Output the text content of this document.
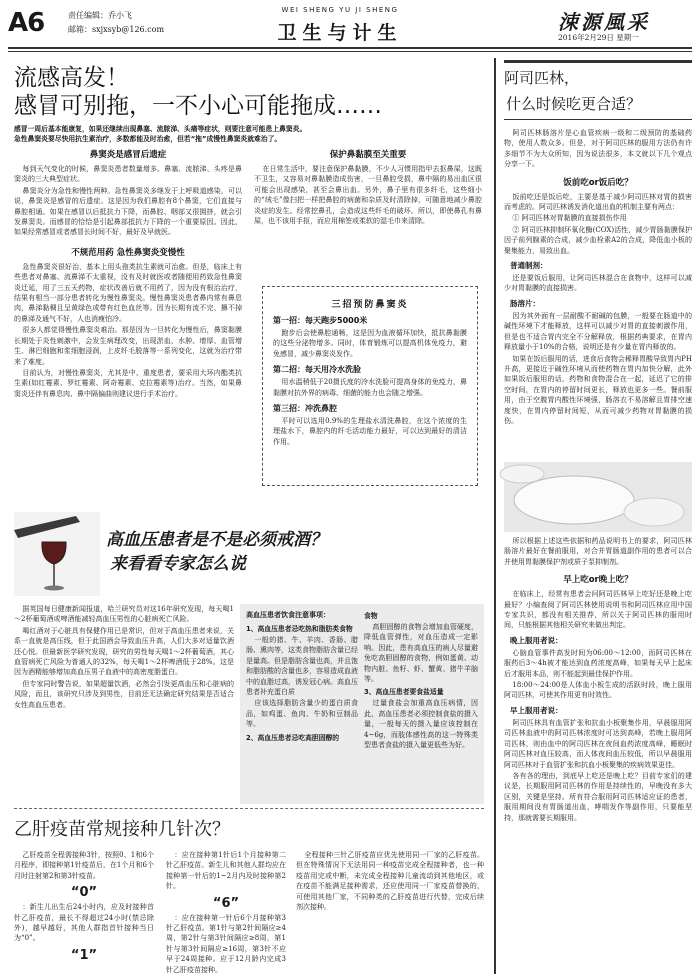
A6	责任编辑：乔小飞
邮箱：sxjxsyb@126.com
WEI SHENG YU JI SHENG
卫生与计生	涑源風采
2016年2月29日 星期一
流感高发！
感冒可别拖，一不小心可能拖成……
感冒一周后基本能康复，如果还继续出现鼻塞、流脓涕、头痛等症状，则要注意可能患上鼻窦炎。
急性鼻窦炎要尽快用抗生素治疗，多数都能及时治愈，但若“拖”成慢性鼻窦炎就难治了。
鼻窦炎是感冒后遗症

每到天气变化的时候，鼻窦炎患者数量增多。鼻塞、流脓涕、头疼是鼻窦炎的三大典型症状。

鼻窦炎分为急性和慢性两种。急性鼻窦炎多继发于上呼吸道感染，可以说，鼻窦炎是感冒的后遗症。这是因为我们鼻腔有8个鼻窦，它们直接与鼻腔相通。如果在感冒以后抵抗力下降，而鼻腔、咽部又很拥挤，就会引发鼻窦炎。而感冒的恰恰是引起鼻部抵抗力下降的一个重要原因。因此，如果经常感冒或者感冒长时间不好，最好及早就医。

不规范用药 急性鼻窦炎变慢性

急性鼻窦炎很好治，基本上用头孢类抗生素就可治愈。但是，临床上有些患者对鼻塞、流鼻涕不太重视，没有及时就医或者随便用药致急性鼻窦炎迁延，用了三五天药物，症状改善后就不用药了，因为没有根治治疗，结果有相当一部分患者转化为慢性鼻窦炎。慢性鼻窦炎患者鼻内常有鼻息肉，鼻涕黏稠且呈黄绿色或带有红色血丝等。因为长期有流不完、擤不掉的鼻涕及通气不好，人也消瘦怕冷。

很多人都觉得慢性鼻窦炎难治。那是因为一旦转化为慢性后，鼻窦黏膜长期处于炎性刺激中，会发生病理改变，出现淤血、水肿、增厚、血管增生、淋巴细胞和浆细胞浸润，上皮纤毛脱落等一系列变化，这就为治疗带来了难度。

目前认为，对慢性鼻窦炎，尤其是中、重度患者，要采用大环内酯类抗生素(如红霉素、罗红霉素、阿奇霉素、克拉霉素等)治疗。当然，如果鼻窦炎还伴有鼻息肉、鼻中隔偏曲则建议进行手术治疗。

保护鼻黏膜至关重要

在日常生活中，要注意保护鼻黏膜，不少人习惯用指甲去抠鼻屎，这既不卫生，又容易对鼻黏膜造成伤害，一旦鼻腔受损，鼻中隔的易出血区很可能会出现感染，甚至会鼻出血。另外，鼻子里有很多纤毛，这些细小的“绒毛”像扫把一样把鼻腔的病菌和杂质及时清除掉，可随意地减少鼻腔炎症的发生。经常挖鼻孔，会造成这些纤毛的破坏。所以，即使鼻孔有鼻屎，也不该用手抠，而应用棉签或柔软的湿毛巾来清除。

三招预防鼻窦炎
第一招：每天跑步5000米

跑步后会使鼻腔通畅，这是因为血液循环加快，抵抗鼻黏膜的这些分泌物增多。同时，体育锻炼可以提高机体免疫力，避免感冒，减少鼻窦炎发作。

第二招：每天用冷水洗脸

用水温稍低于20摄氏度的冷水洗脸可提高身体的免疫力，鼻黏膜对抗外界的病毒、细菌的能力也会随之增强。

第三招：冲洗鼻腔

平时可以选用0.9%的生理盐水清洗鼻腔，在这个浓度的生理盐水下，鼻腔内的纤毛活动能力最好，可以达到最好的清洁作用。

高血压患者是不是必须戒酒？
来看看专家怎么说

据英国每日健康新闻报道，哈兰研究员对这16年研究发现，每天喝1～2杯葡萄酒或啤酒能减轻高血压男性的心脏病死亡风险。

喝红酒对于心脏具有保健作用已是常识，但对于高血压患者来说，关系一直就是高压线，但于此国酒会导致血压升高，人们大多对适量饮酒还心悦。但最新医学研究发现，研究的男性每天喝1～2杯葡萄酒，其心血管病死亡风险为普通人的32%，每天喝1～2杯啤酒低于28%。这是因为酒精能够增加高血压男子血液中的高密度脂蛋白。

但专家同时警告说，如果超量饮酒，必然会引发更高血压和心脏病的风险，而且，该研究只涉及到男性，目前还无法确定研究结果是否适合女性高血压患者。

高血压患者饮食注意事项：
1、高血压患者忌吃热和脂肪类食物

一般的猪、牛、羊肉、香肠、腊肠、熏肉等，这类食物脂肪含量已经是量高。但是脂肪含量也高，并且饱和脂肪酸的含量也多，容易造成血液中的血脂过高，诱发冠心病。高血压患者补充蛋白质

应该选择脂肪含量少的蛋白质食品，如鸡蛋、鱼肉、牛奶和豆制品等。

2、高血压患者忌吃高胆固醇的
食物

高胆固醇的食物会增加血管硬度，降低血管弹性，对血压造成一定影响。因此，患有高血压的病人尽量避免吃高胆固醇的食物，例如蛋黄、动物内脏、鱼籽、虾、蟹黄、猪牛羊脑等。

3、高血压患者要食盐适量

过量食盐会加重高血压病情，因此，高血压患者必须控制食盐的摄入量，一般每天的摄入量应该控制在4~6g，而肢体感性高的这一特殊类型患者食盐的摄入量更低些为好。

乙肝疫苗常规接种几针次？

乙肝疫苗全程需接种3针，按照0、1和6个月程序，即接种第1针疫苗后，在1个月和6个月时注射第2和第3针疫苗。

“0”

：新生儿出生后24小时内，应及时接种首针乙肝疫苗，最长不得超过24小时(禁忌除外)，越早越好，其他人群指首针接种当日为“0”。

“1”

：应在接种第1针后1个月接种第二针乙肝疫苗。新生儿和其他人群均应在接种第一针后的1~2月内及时接种第2针。

“6”

：应在接种第一针后6个月接种第3针乙肝疫苗。第1针与第2针间隔应≥4周，第2针与第3针间隔应≥8周，第1针与第3针间隔应≥16周，第3针不应早于24周接种。应于12月龄内完成3针乙肝疫苗接种。

全程接种三针乙肝疫苗应优先使用同一厂家的乙肝疫苗。但在特殊情况下无法用同一种疫苗完成全程接种者，也一种疫苗用完或中断，未完成全程接种儿童流动到其他地区，或在疫苗不能满足接种需求，还应使用同一厂家疫苗替换的，可使用其他厂家，不同种类的乙肝疫苗进行代替，完成后续剂次接种。

阿司匹林，
什么时候吃更合适？

阿司匹林肠溶片是心血管疾病一级和二级预防的基础药物，使用人数众多。但是，对于阿司匹林的服用方法仍有许多细节不为大众所知，因为说法很多，本文就以下几个观点分享一下。

饭前吃or饭后吃？

饭前吃还是饭后吃，主要是基于减少阿司匹林对胃的损害而考虑的。阿司匹林诱发消化道出血的机制主要有两点：

① 阿司匹林对胃黏膜的直接损伤作用

② 阿司匹林抑制环氧化酶(COX)活性，减少胃肠黏膜保护因子前列腺素的合成，减少血栓素A2的合成，降低血小板的聚集能力，易致出血。

普通制剂：

还是要饭后服用，让阿司匹林混合在食物中，这样可以减少对胃黏膜的直接损害。

肠溶片：

因为其外面有一层耐酸不耐碱的包膜，一般要在肠道中的碱性环境下才能释放，这样可以减少对胃的直接刺激作用，但是也不适合胃内完全不分解释放，根据药典要求，在胃内释放量小于10%的合格，说明还是有少量在胃内释放的。

如果在饭后服用的话，进食后食物会稀释胃酸导致胃内PH升高，更接近于碱性环境从而使药物在胃内加快分解，此外如果饭后服用的话，药物和食物混合在一起，延迟了它的排空时间，在胃内的停留时间更长，释放也更多一些。餐前服用，由于空腹胃内酸性环境强，肠溶衣不易溶解且胃排空速度快，在胃内停留时间短，从而可减少药物对胃黏膜的损伤。

所以根据上述这些依据和药品说明书上的要求，阿司匹林肠溶片最好在餐前服用，对合并胃肠道副作用的患者可以合并使用胃黏膜保护剂或质子泵抑制剂。

早上吃or晚上吃？

在临床上，经常有患者会问阿司匹林早上吃好还是晚上吃最好？小编查阅了阿司匹林使用说明书和阿司匹林应用中国专家共识，都没有相关推荐，所以关于阿司匹林的服用时间，只能根据其他相关研究来做出判定。

晚上服用者说：

心脑血管事件高发时间为06:00～12:00，而阿司匹林在服药后3～4h被才能达到血药浓度高峰，如果每天早上起床后才服用本品，则不能起到最佳保护作用。

18:00～24:00是人体血小板生成的活跃时段，晚上服用阿司匹林，可使其作用更有时效性。

早上服用者说：

阿司匹林具有血管扩张和抗血小板聚集作用，早晨服用阿司匹林血液中的阿司匹林浓度时可达到高峰，若晚上服用阿司匹林，则由血中的阿司匹林在夜间血药浓度高峰，睡眠时阿司匹林对血压较高，而人体夜间血压较低，所以早晨服用阿司匹林对于血管扩张和抗血小板聚集的疾病效果更佳。

各有各的理由，到底早上吃还是晚上吃？目前专家们的建议是，长期服用阿司匹林的作用是持续性的，早晚没有多大区别，关键是坚持。所有符合服用阿司匹林适应证的患者，服用期间没有胃肠道出血，哮喘发作等副作用，只要能坚持，那就需要长期服用。
